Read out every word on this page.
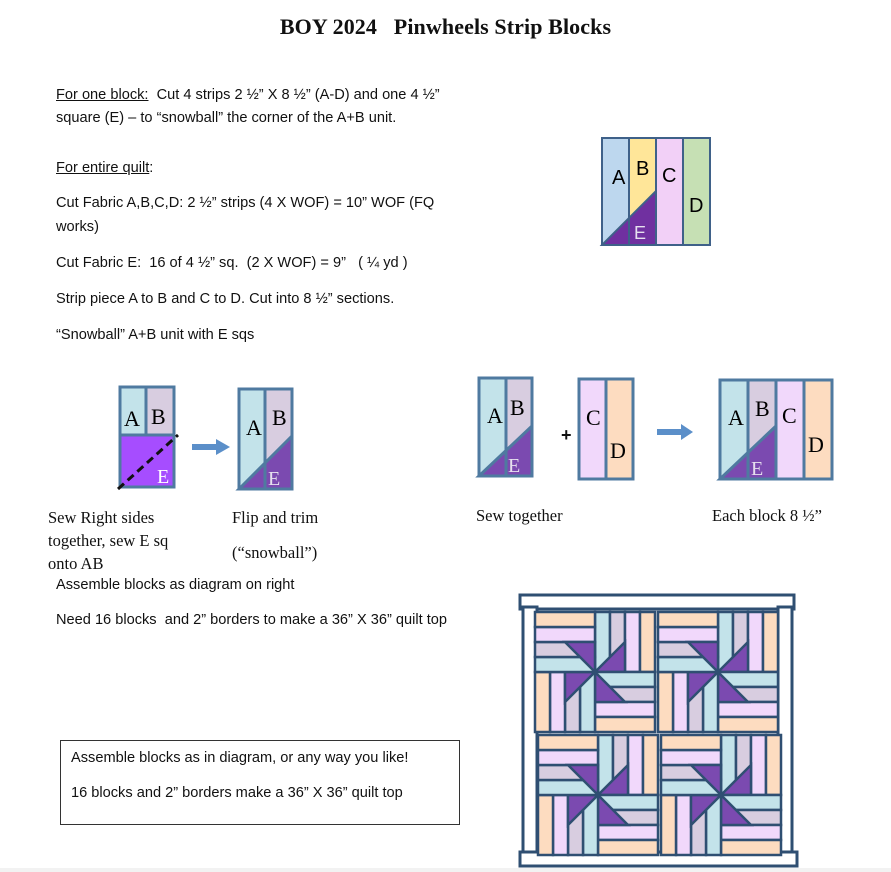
BOY 2024   Pinwheels Strip Blocks
For one block:  Cut 4 strips 2 ½” X 8 ½” (A-D) and one 4 ½”
square (E) – to “snowball” the corner of the A+B unit.
For entire quilt:
Cut Fabric A,B,C,D: 2 ½” strips (4 X WOF) = 10” WOF (FQ
works)
Cut Fabric E:  16 of 4 ½” sq.  (2 X WOF) = 9”   ( ¼ yd )
Strip piece A to B and C to D. Cut into 8 ½” sections.
“Snowball” A+B unit with E sqs
A B C
D
E
A B
E
A B
E
A B
E
+
C
D
A B C
D
E
Sew Right sides
together, sew E sq
onto AB
Flip and trim
(“snowball”)
Sew together	Each block 8 ½”
Assemble blocks as diagram on right
Need 16 blocks  and 2” borders to make a 36” X 36” quilt top
Assemble blocks as in diagram, or any way you like!
16 blocks and 2” borders make a 36” X 36” quilt top
